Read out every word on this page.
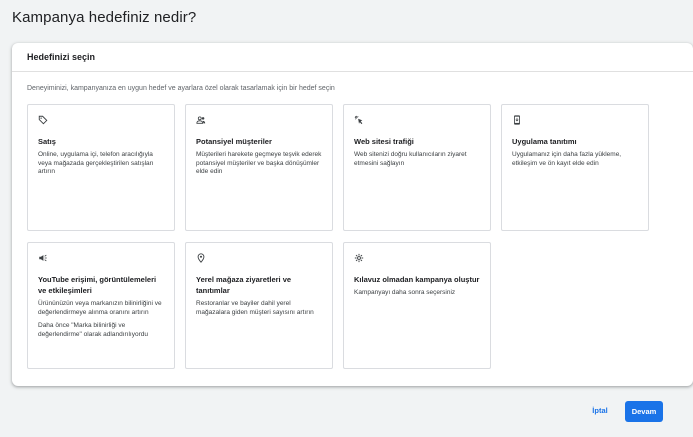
Kampanya hedefiniz nedir?
Hedefinizi seçin
Deneyiminizi, kampanyanıza en uygun hedef ve ayarlara özel olarak tasarlamak için bir hedef seçin
Satış
Online, uygulama içi, telefon aracılığıyla veya mağazada gerçekleştirilen satışları artırın
Potansiyel müşteriler
Müşterileri harekete geçmeye teşvik ederek potansiyel müşteriler ve başka dönüşümler elde edin
Web sitesi trafiği
Web sitenizi doğru kullanıcıların ziyaret etmesini sağlayın
Uygulama tanıtımı
Uygulamanız için daha fazla yükleme, etkileşim ve ön kayıt elde edin
YouTube erişimi, görüntülemeleri ve etkileşimleri
Ürününüzün veya markanızın bilinirliğini ve değerlendirmeye alınma oranını artırın
Daha önce "Marka bilinirliği ve değerlendirme" olarak adlandırılıyordu
Yerel mağaza ziyaretleri ve tanıtımlar
Restoranlar ve bayiler dahil yerel mağazalara giden müşteri sayısını artırın
Kılavuz olmadan kampanya oluştur
Kampanyayı daha sonra seçersiniz
İptal	Devam
